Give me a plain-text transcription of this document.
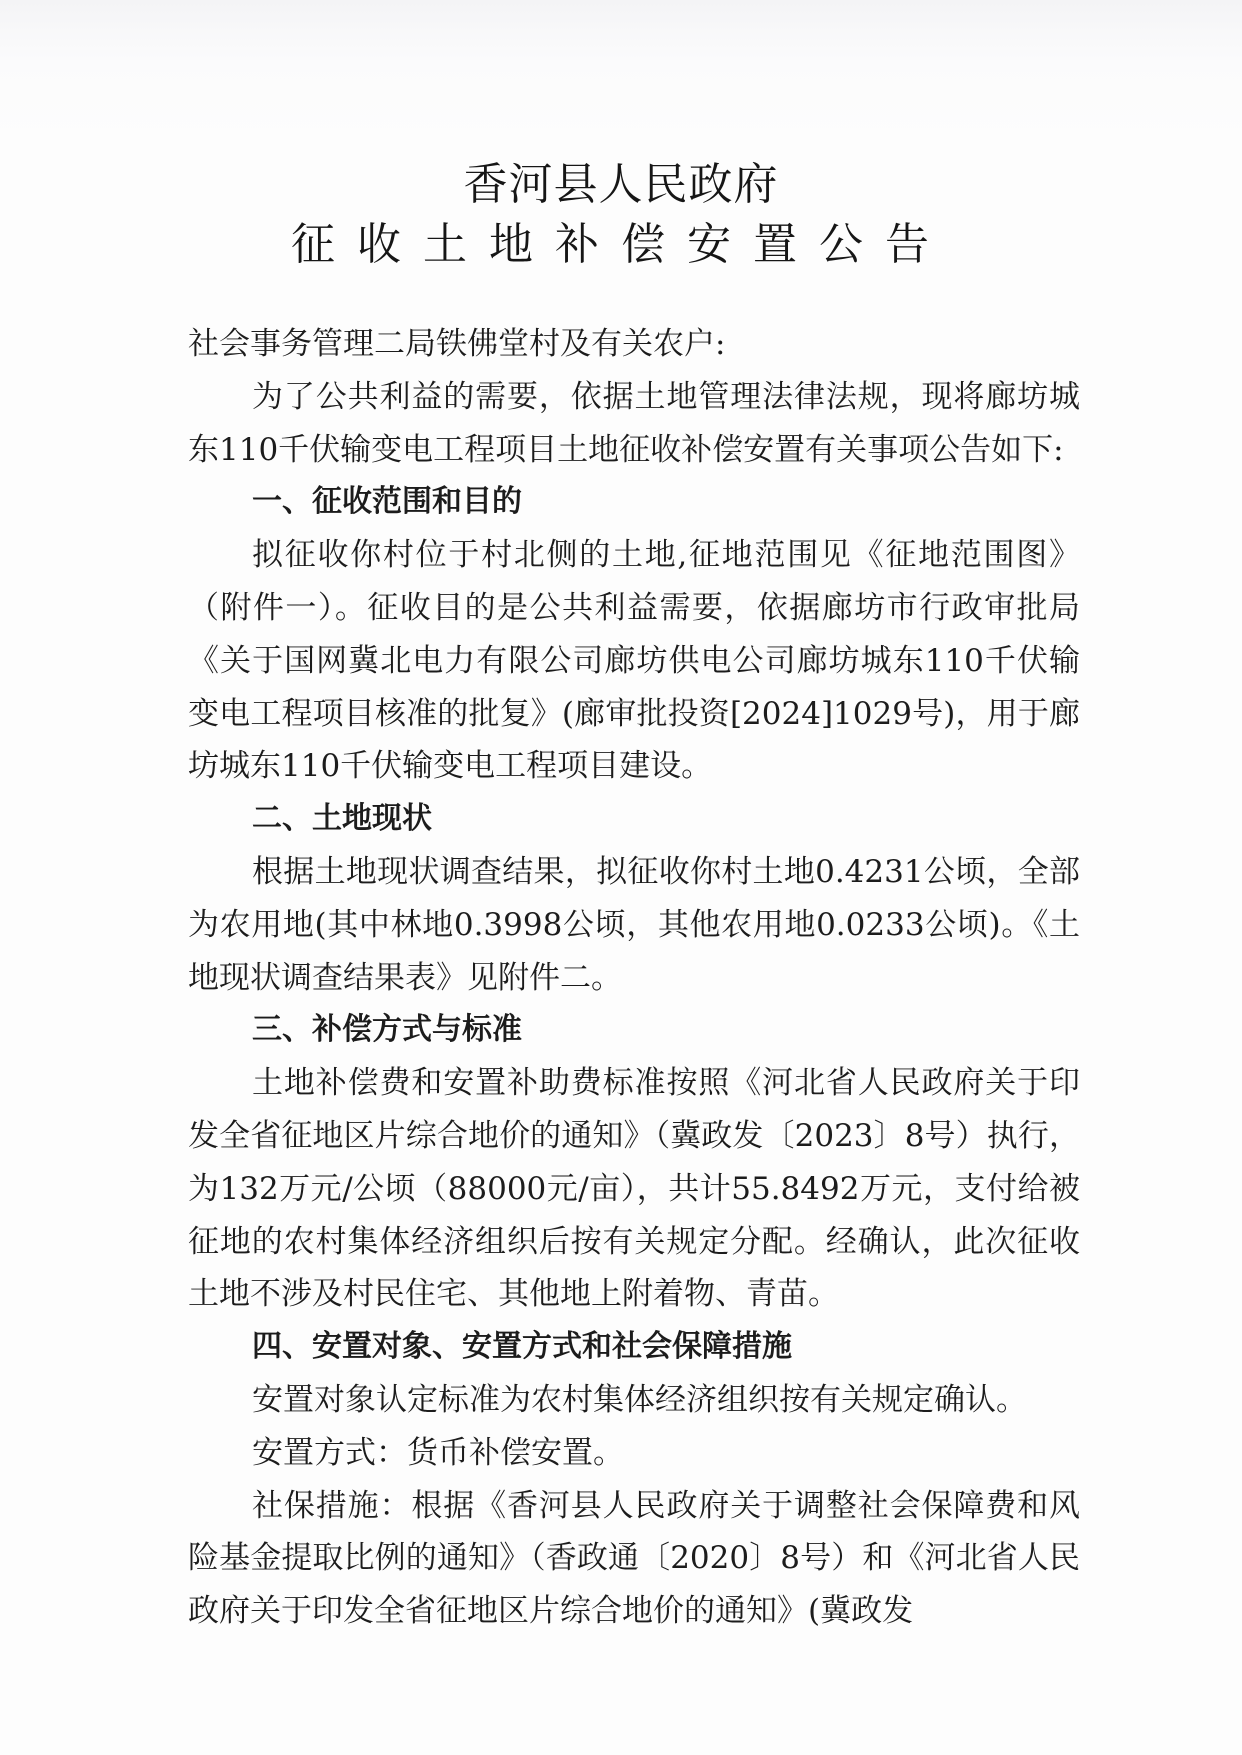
香河县人民政府
征收土地补偿安置公告

社会事务管理二局铁佛堂村及有关农户:

为了公共利益的需要，依据土地管理法律法规，现将廊坊城东110千伏输变电工程项目土地征收补偿安置有关事项公告如下:

一、征收范围和目的

拟征收你村位于村北侧的土地,征地范围见《征地范围图》（附件一）。征收目的是公共利益需要，依据廊坊市行政审批局《关于国网冀北电力有限公司廊坊供电公司廊坊城东110千伏输变电工程项目核准的批复》(廊审批投资[2024]1029号)，用于廊坊城东110千伏输变电工程项目建设。

二、土地现状

根据土地现状调查结果，拟征收你村土地0.4231公顷，全部为农用地(其中林地0.3998公顷，其他农用地0.0233公顷)。《土地现状调查结果表》见附件二。

三、补偿方式与标准

土地补偿费和安置补助费标准按照《河北省人民政府关于印发全省征地区片综合地价的通知》（冀政发〔2023〕8号）执行，为132万元/公顷（88000元/亩），共计55.8492万元，支付给被征地的农村集体经济组织后按有关规定分配。经确认，此次征收土地不涉及村民住宅、其他地上附着物、青苗。

四、安置对象、安置方式和社会保障措施

安置对象认定标准为农村集体经济组织按有关规定确认。

安置方式：货币补偿安置。

社保措施：根据《香河县人民政府关于调整社会保障费和风险基金提取比例的通知》（香政通〔2020〕8号）和《河北省人民政府关于印发全省征地区片综合地价的通知》(冀政发
